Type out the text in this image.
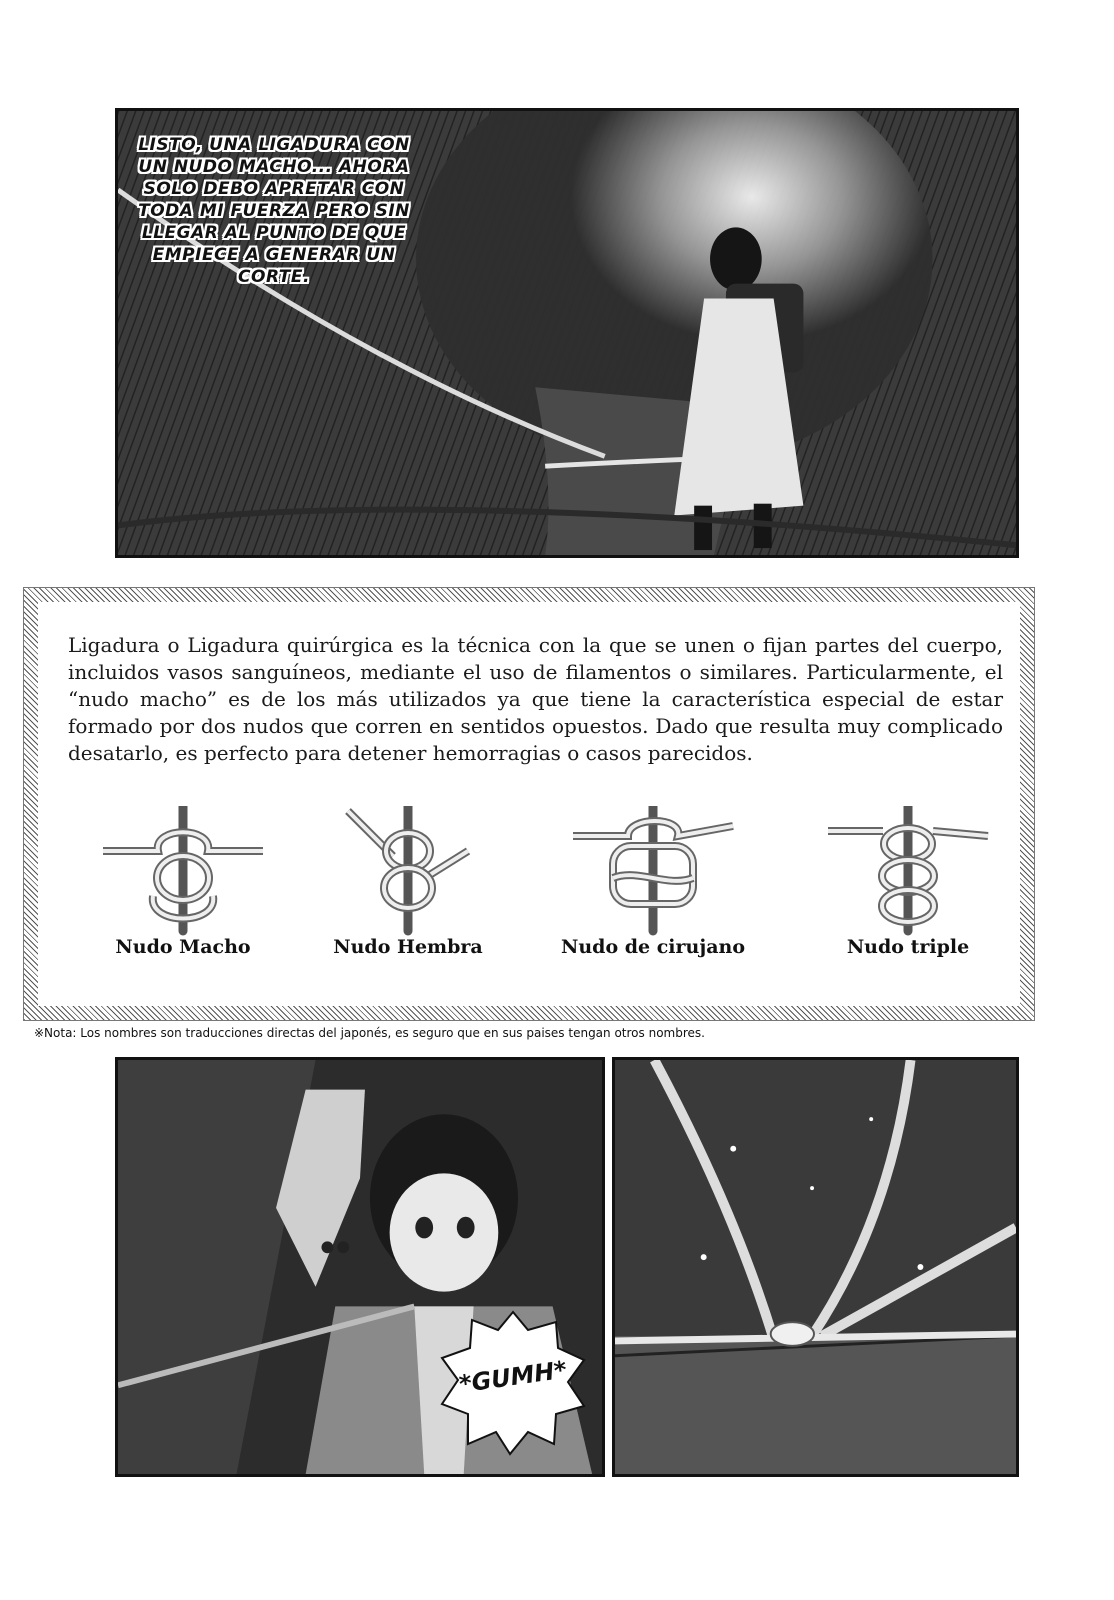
LISTO, UNA LIGADURA CON UN NUDO MACHO... AHORA SOLO DEBO APRETAR CON TODA MI FUERZA PERO SIN LLEGAR AL PUNTO DE QUE EMPIECE A GENERAR UN CORTE.

Ligadura o Ligadura quirúrgica es la técnica con la que se unen o fijan partes del cuerpo, incluidos vasos sanguíneos, mediante el uso de filamentos o similares. Particularmente, el “nudo macho” es de los más utilizados ya que tiene la característica especial de estar formado por dos nudos que corren en sentidos opuestos. Dado que resulta muy complicado desatarlo, es perfecto para detener hemorragias o casos parecidos.

Nudo Macho	Nudo Hembra	Nudo de cirujano	Nudo triple
※Nota: Los nombres son traducciones directas del japonés, es seguro que en sus paises tengan otros nombres.
*GUMH*
